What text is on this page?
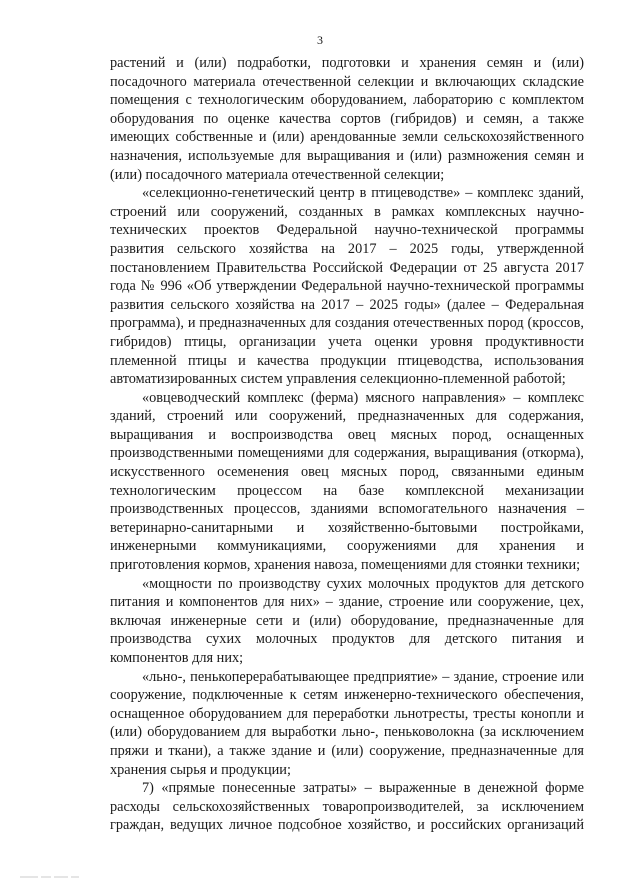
3

растений и (или) подработки, подготовки и хранения семян и (или) посадочного материала отечественной селекции и включающих складские помещения с технологическим оборудованием, лабораторию с комплектом оборудования по оценке качества сортов (гибридов) и семян, а также имеющих собственные и (или) арендованные земли сельскохозяйственного назначения, используемые для выращивания и (или) размножения семян и (или) посадочного материала отечественной селекции;

«селекционно-генетический центр в птицеводстве» – комплекс зданий, строений или сооружений, созданных в рамках комплексных научно-технических проектов Федеральной научно-технической программы развития сельского хозяйства на 2017 – 2025 годы, утвержденной постановлением Правительства Российской Федерации от 25 августа 2017 года № 996 «Об утверждении Федеральной научно-технической программы развития сельского хозяйства на 2017 – 2025 годы» (далее – Федеральная программа), и предназначенных для создания отечественных пород (кроссов, гибридов) птицы, организации учета оценки уровня продуктивности племенной птицы и качества продукции птицеводства, использования автоматизированных систем управления селекционно-племенной работой;

«овцеводческий комплекс (ферма) мясного направления» – комплекс зданий, строений или сооружений, предназначенных для содержания, выращивания и воспроизводства овец мясных пород, оснащенных производственными помещениями для содержания, выращивания (откорма), искусственного осеменения овец мясных пород, связанными единым технологическим процессом на базе комплексной механизации производственных процессов, зданиями вспомогательного назначения – ветеринарно-санитарными и хозяйственно-бытовыми постройками, инженерными коммуникациями, сооружениями для хранения и приготовления кормов, хранения навоза, помещениями для стоянки техники;

«мощности по производству сухих молочных продуктов для детского питания и компонентов для них» – здание, строение или сооружение, цех, включая инженерные сети и (или) оборудование, предназначенные для производства сухих молочных продуктов для детского питания и компонентов для них;

«льно-, пенькоперерабатывающее предприятие» – здание, строение или сооружение, подключенные к сетям инженерно-технического обеспечения, оснащенное оборудованием для переработки льнотресты, тресты конопли и (или) оборудованием для выработки льно-, пеньковолокна (за исключением пряжи и ткани), а также здание и (или) сооружение, предназначенные для хранения сырья и продукции;

7) «прямые понесенные затраты» – выраженные в денежной форме расходы сельскохозяйственных товаропроизводителей, за исключением граждан, ведущих личное подсобное хозяйство, и российских организаций
